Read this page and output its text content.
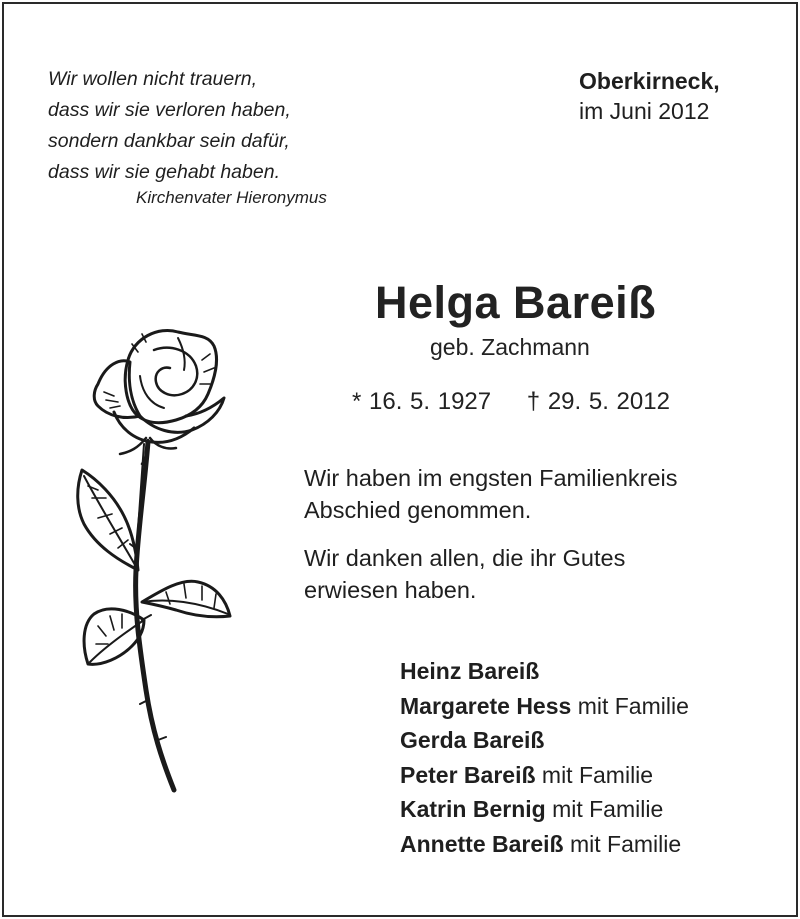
Wir wollen nicht trauern,
dass wir sie verloren haben,
sondern dankbar sein dafür,
dass wir sie gehabt haben.
Kirchenvater Hieronymus
Oberkirneck,
im Juni 2012
Helga Bareiß
geb. Zachmann
* 16. 5. 1927 † 29. 5. 2012
Wir haben im engsten Familienkreis
Abschied genommen.
Wir danken allen, die ihr Gutes
erwiesen haben.
Heinz Bareiß
Margarete Hess mit Familie
Gerda Bareiß
Peter Bareiß mit Familie
Katrin Bernig mit Familie
Annette Bareiß mit Familie
